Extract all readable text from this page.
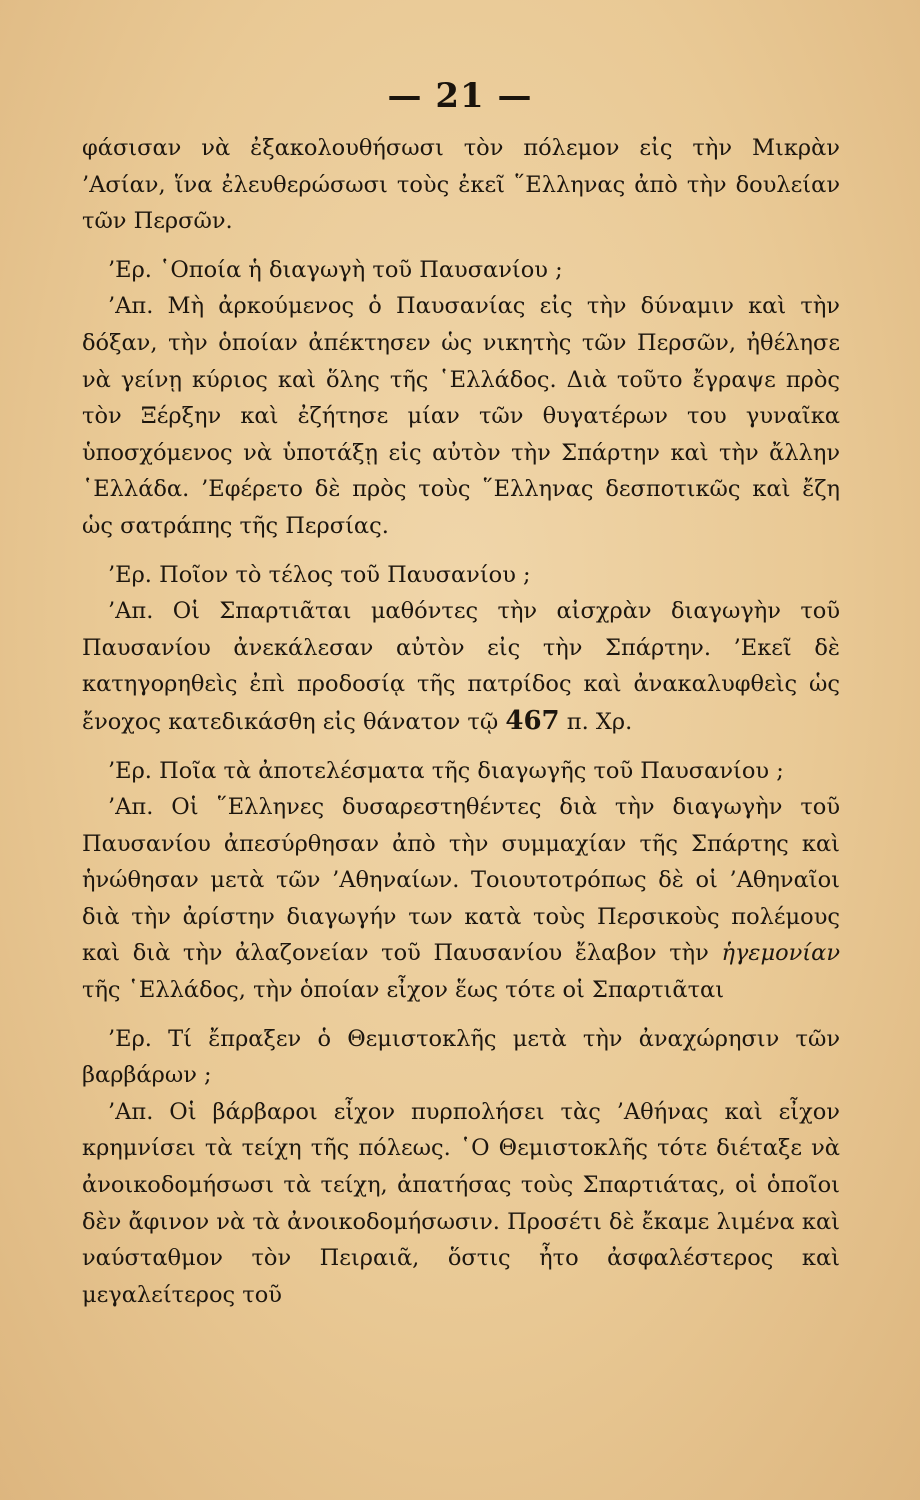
— 21 —

φάσισαν νὰ ἐξακολουθήσωσι τὸν πόλεμον εἰς τὴν Μικρὰν ’Ασίαν, ἵνα ἐλευθερώσωσι τοὺς ἐκεῖ ῞Ελληνας ἀπὸ τὴν δουλείαν τῶν Περσῶν.

’Ερ. ῾Οποία ἡ διαγωγὴ τοῦ Παυσανίου ;

’Απ. Μὴ ἀρκούμενος ὁ Παυσανίας εἰς τὴν δύναμιν καὶ τὴν δόξαν, τὴν ὁποίαν ἀπέκτησεν ὡς νικητὴς τῶν Περσῶν, ἠθέλησε νὰ γείνῃ κύριος καὶ ὅλης τῆς ῾Ελλάδος. Διὰ τοῦτο ἔγραψε πρὸς τὸν Ξέρξην καὶ ἐζήτησε μίαν τῶν θυγατέρων του γυναῖκα ὑποσχόμενος νὰ ὑποτάξῃ εἰς αὐτὸν τὴν Σπάρτην καὶ τὴν ἄλλην ῾Ελλάδα. ’Εφέρετο δὲ πρὸς τοὺς ῞Ελληνας δεσποτικῶς καὶ ἔζη ὡς σατράπης τῆς Περσίας.

’Ερ. Ποῖον τὸ τέλος τοῦ Παυσανίου ;

’Απ. Οἱ Σπαρτιᾶται μαθόντες τὴν αἰσχρὰν διαγωγὴν τοῦ Παυσανίου ἀνεκάλεσαν αὐτὸν εἰς τὴν Σπάρτην. ’Εκεῖ δὲ κατηγορηθεὶς ἐπὶ προδοσίᾳ τῆς πατρίδος καὶ ἀνακαλυφθεὶς ὡς ἔνοχος κατεδικάσθη εἰς θάνατον τῷ 467 π. Χρ.

’Ερ. Ποῖα τὰ ἀποτελέσματα τῆς διαγωγῆς τοῦ Παυσανίου ;

’Απ. Οἱ ῞Ελληνες δυσαρεστηθέντες διὰ τὴν διαγωγὴν τοῦ Παυσανίου ἀπεσύρθησαν ἀπὸ τὴν συμμαχίαν τῆς Σπάρτης καὶ ἡνώθησαν μετὰ τῶν ’Αθηναίων. Τοιουτοτρόπως δὲ οἱ ’Αθηναῖοι διὰ τὴν ἀρίστην διαγωγήν των κατὰ τοὺς Περσικοὺς πολέμους καὶ διὰ τὴν ἀλαζονείαν τοῦ Παυσανίου ἔλαβον τὴν ἡγεμονίαν τῆς ῾Ελλάδος, τὴν ὁποίαν εἶχον ἕως τότε οἱ Σπαρτιᾶται

’Ερ. Τί ἔπραξεν ὁ Θεμιστοκλῆς μετὰ τὴν ἀναχώρησιν τῶν βαρβάρων ;

’Απ. Οἱ βάρβαροι εἶχον πυρπολήσει τὰς ’Αθήνας καὶ εἶχον κρημνίσει τὰ τείχη τῆς πόλεως. ῾Ο Θεμιστοκλῆς τότε διέταξε νὰ ἀνοικοδομήσωσι τὰ τείχη, ἀπατήσας τοὺς Σπαρτιάτας, οἱ ὁποῖοι δὲν ἄφινον νὰ τὰ ἀνοικοδομήσωσιν. Προσέτι δὲ ἔκαμε λιμένα καὶ ναύσταθμον τὸν Πειραιᾶ, ὅστις ἦτο ἀσφαλέστερος καὶ μεγαλείτερος τοῦ
